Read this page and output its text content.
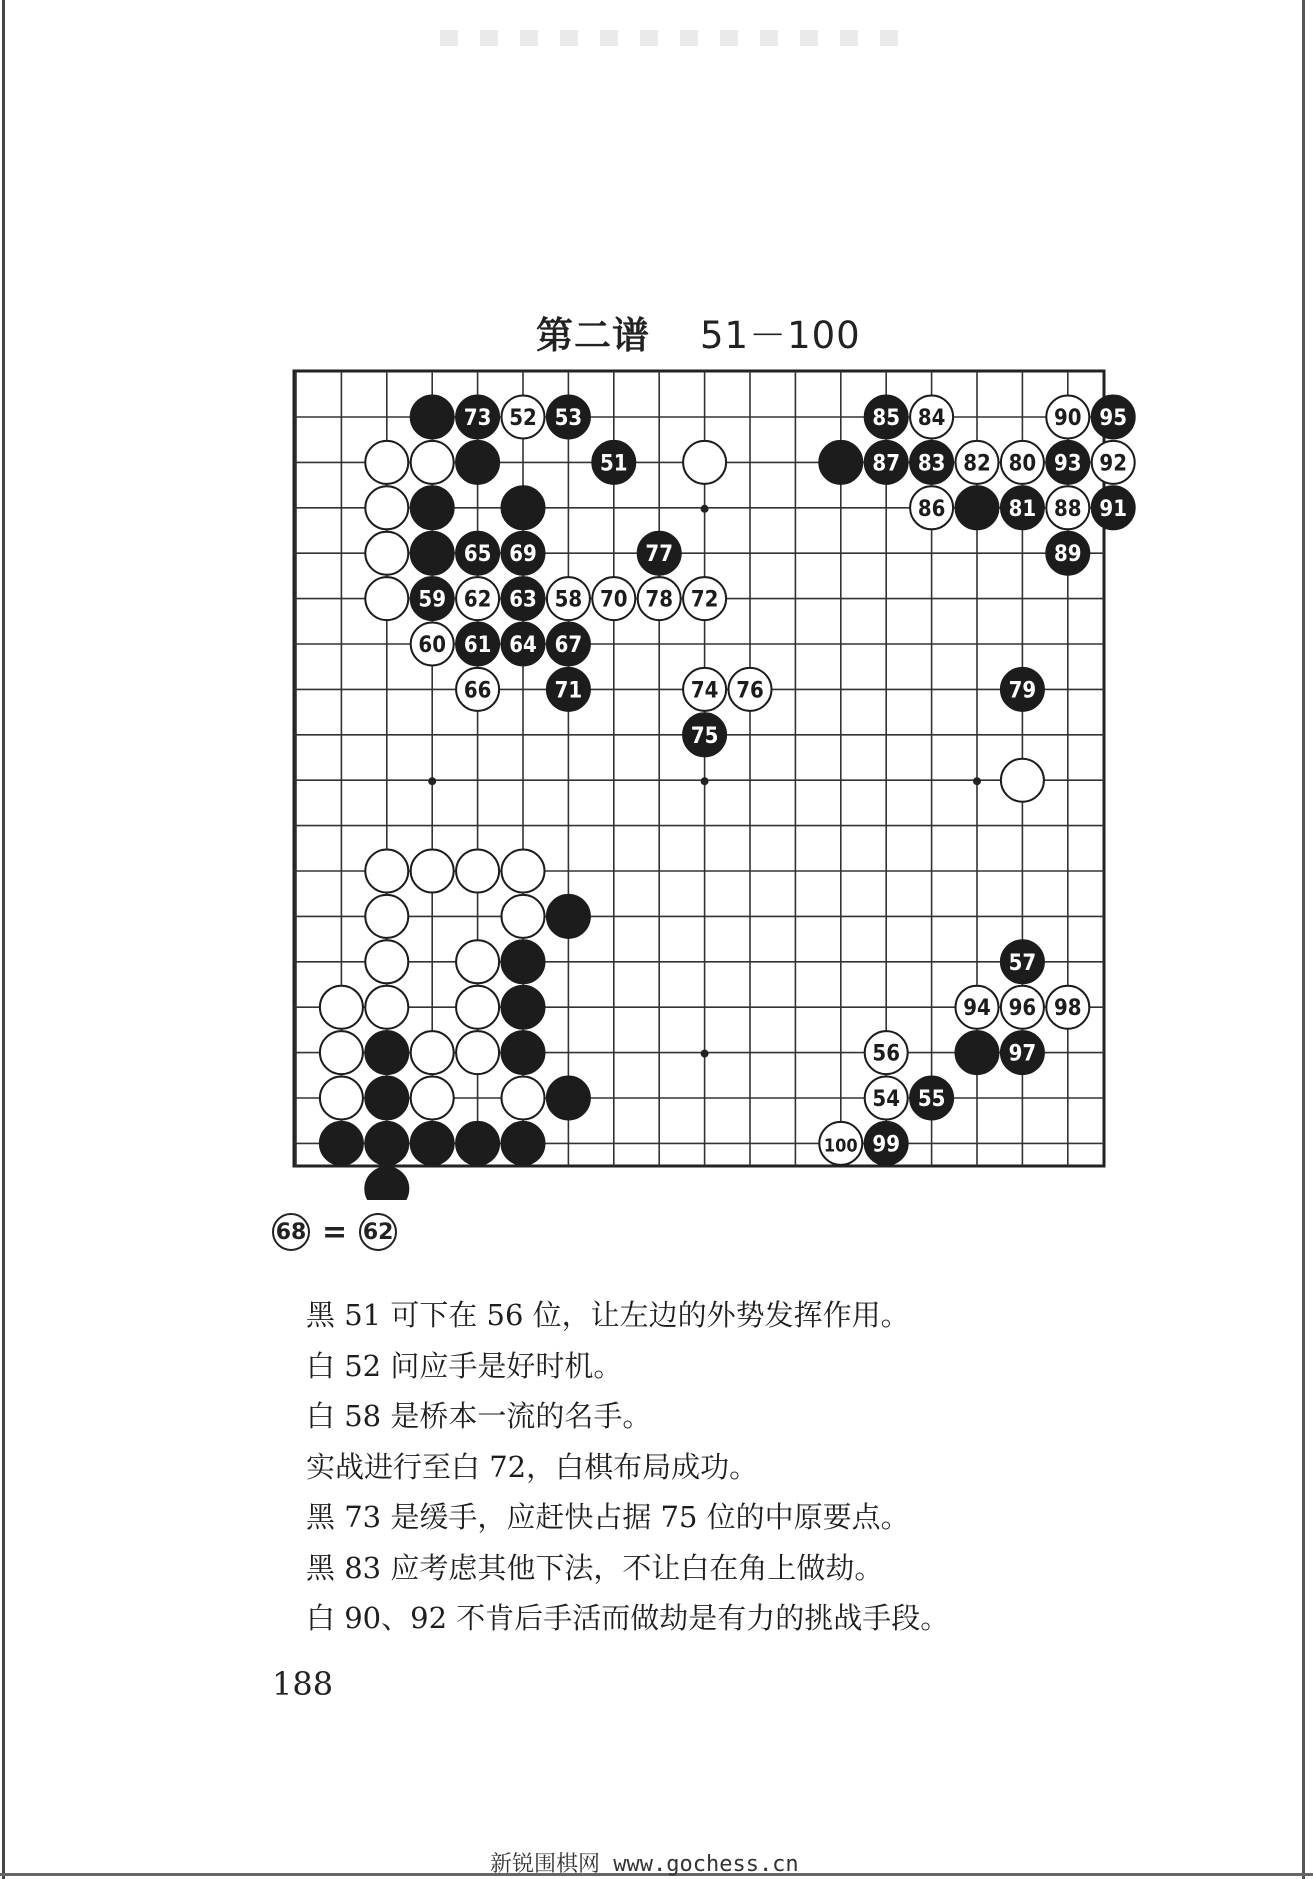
第二谱 51－100
73 52 53	85 84	90 95
51	87 83 82 80 93 92
86	81 88 91
65 69	77	89
59 62 63 58 70 78 72
60 61 64 67
66	71	74 76	79
75
57
94 96 98
56	97
54 55
100 99
68 = 62
黑 51 可下在 56 位，让左边的外势发挥作用。
白 52 问应手是好时机。
白 58 是桥本一流的名手。
实战进行至白 72，白棋布局成功。
黑 73 是缓手，应赶快占据 75 位的中原要点。
黑 83 应考虑其他下法，不让白在角上做劫。
白 90、92 不肯后手活而做劫是有力的挑战手段。
188
新锐围棋网 www.gochess.cn
